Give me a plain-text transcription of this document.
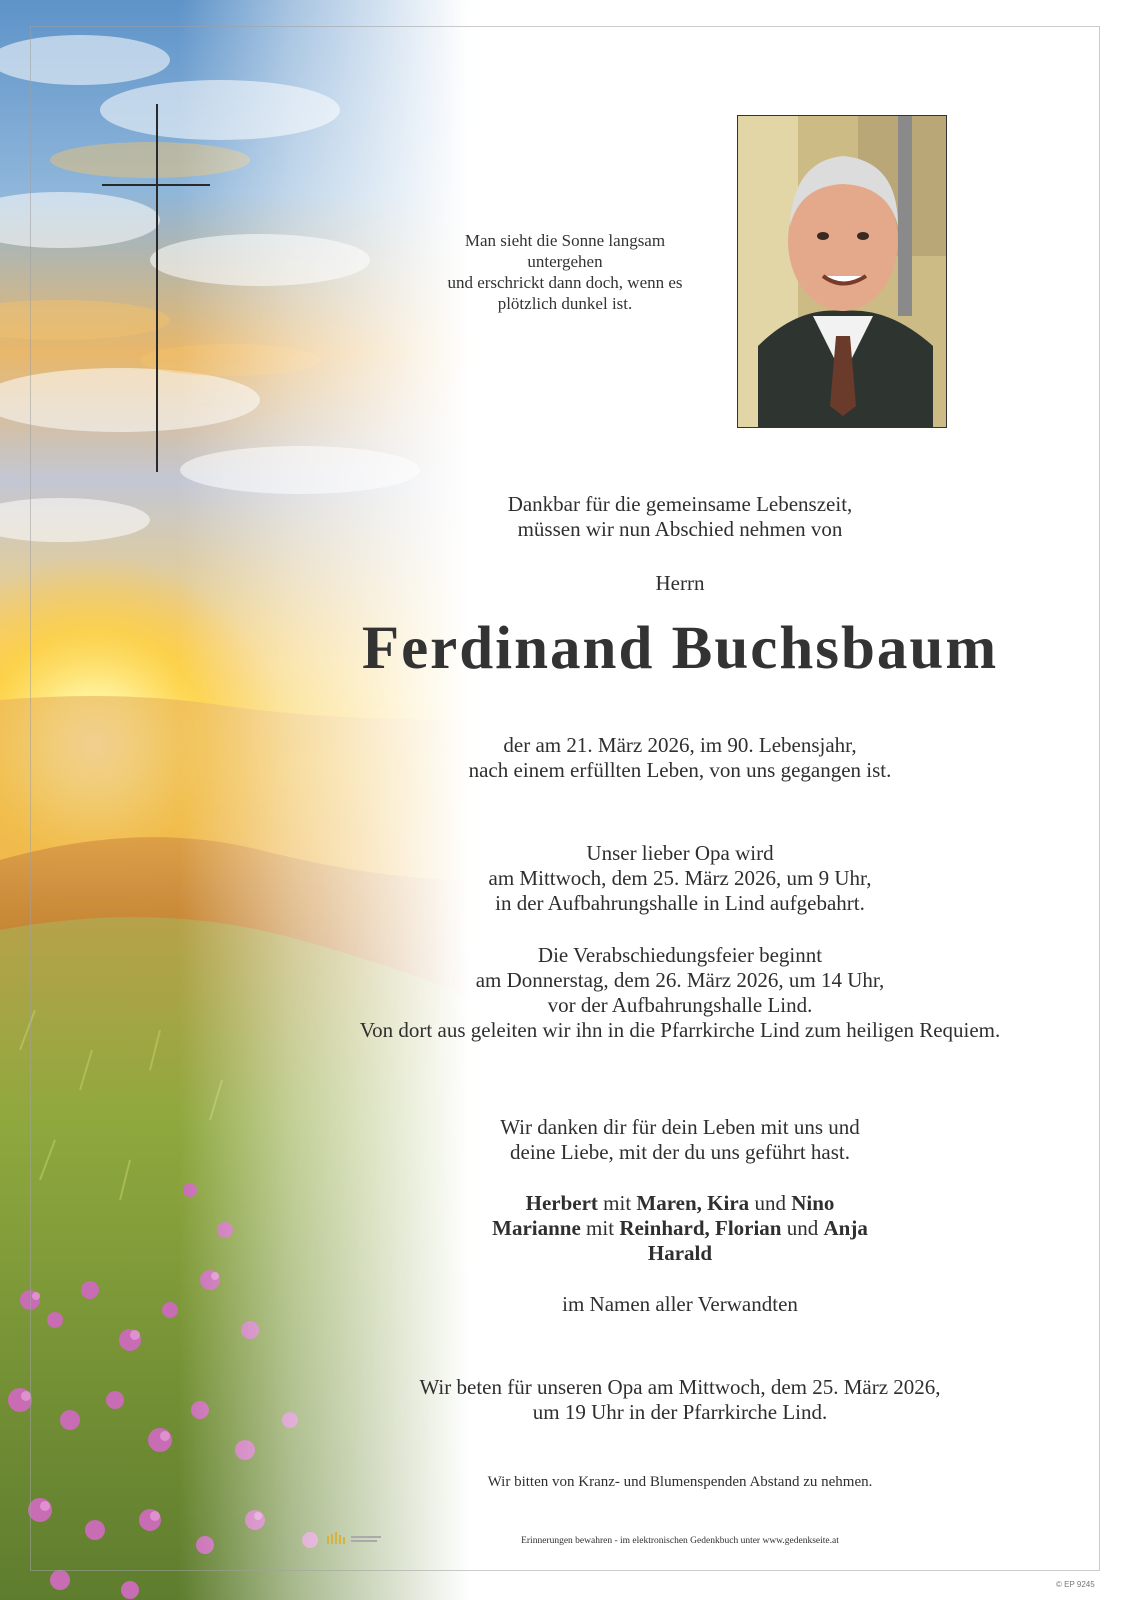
Man sieht die Sonne langsam
untergehen
und erschrickt dann doch, wenn es
plötzlich dunkel ist.
Dankbar für die gemeinsame Lebenszeit,
müssen wir nun Abschied nehmen von
Herrn
Ferdinand Buchsbaum
der am 21. März 2026, im 90. Lebensjahr,
nach einem erfüllten Leben, von uns gegangen ist.
Unser lieber Opa wird
am Mittwoch, dem 25. März 2026, um 9 Uhr,
in der Aufbahrungshalle in Lind aufgebahrt.
Die Verabschiedungsfeier beginnt
am Donnerstag, dem 26. März 2026, um 14 Uhr,
vor der Aufbahrungshalle Lind.
Von dort aus geleiten wir ihn in die Pfarrkirche Lind zum heiligen Requiem.
Wir danken dir für dein Leben mit uns und
deine Liebe, mit der du uns geführt hast.
Herbert mit Maren, Kira und Nino
Marianne mit Reinhard, Florian und Anja
Harald
im Namen aller Verwandten
Wir beten für unseren Opa am Mittwoch, dem 25. März 2026,
um 19 Uhr in der Pfarrkirche Lind.
Wir bitten von Kranz- und Blumenspenden Abstand zu nehmen.
Erinnerungen bewahren - im elektronischen Gedenkbuch unter www.gedenkseite.at
© EP 9245
